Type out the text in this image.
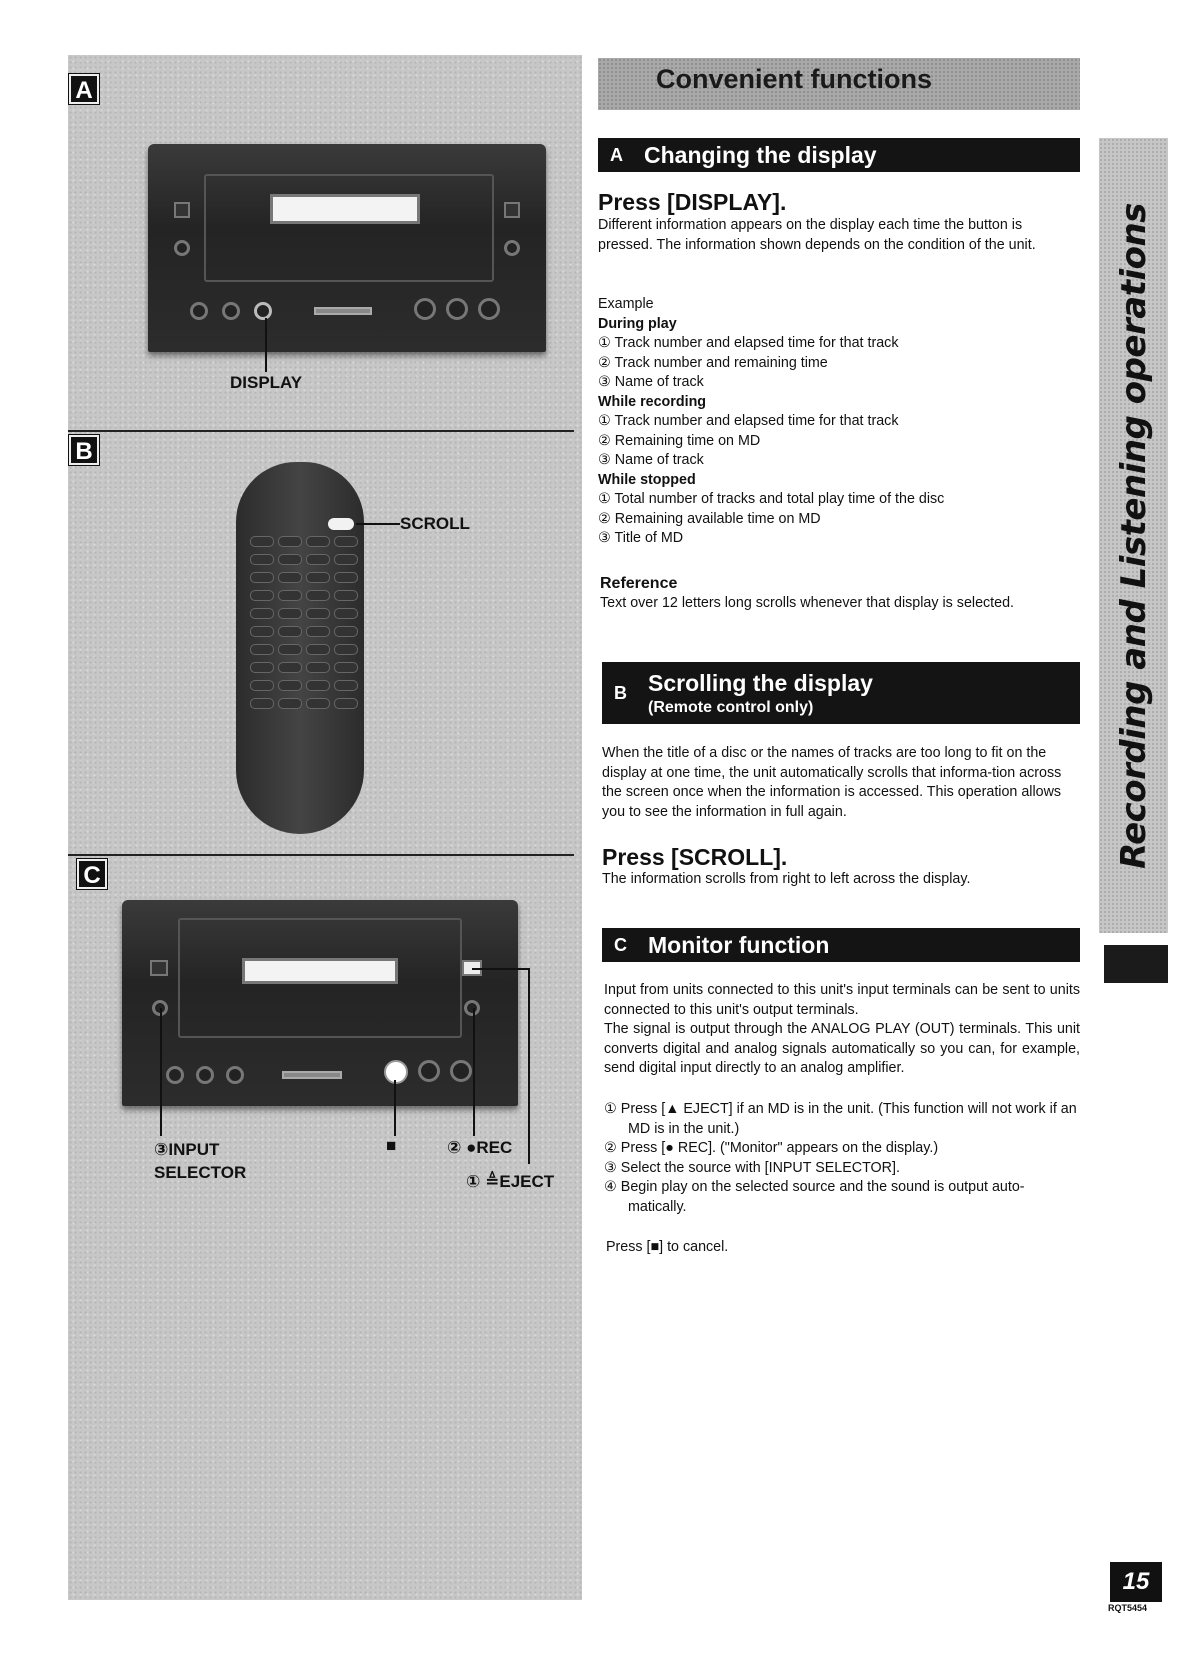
A
DISPLAY
B
SCROLL
C
③INPUT
SELECTOR
■	② ●REC
① ≜EJECT
Convenient functions
A Changing the display
Press [DISPLAY].
Different information appears on the display each time the button is pressed. The information shown depends on the condition of the unit.
Example
During play
① Track number and elapsed time for that track
② Track number and remaining time
③ Name of track
While recording
① Track number and elapsed time for that track
② Remaining time on MD
③ Name of track
While stopped
① Total number of tracks and total play time of the disc
② Remaining available time on MD
③ Title of MD
Reference
Text over 12 letters long scrolls whenever that display is selected.
B Scrolling the display
(Remote control only)
When the title of a disc or the names of tracks are too long to fit on the display at one time, the unit automatically scrolls that informa-tion across the screen once when the information is accessed. This operation allows you to see the information in full again.
Press [SCROLL].
The information scrolls from right to left across the display.
C Monitor function
Input from units connected to this unit's input terminals can be sent to units connected to this unit's output terminals.
The signal is output through the ANALOG PLAY (OUT) terminals. This unit converts digital and analog signals automatically so you can, for example, send digital input directly to an analog amplifier.
① Press [▲ EJECT] if an MD is in the unit. (This function will not work if an MD is in the unit.)
② Press [● REC]. ("Monitor" appears on the display.)
③ Select the source with [INPUT SELECTOR].
④ Begin play on the selected source and the sound is output auto-matically.
Press [■] to cancel.
Recording and Listening operations
15
RQT5454
